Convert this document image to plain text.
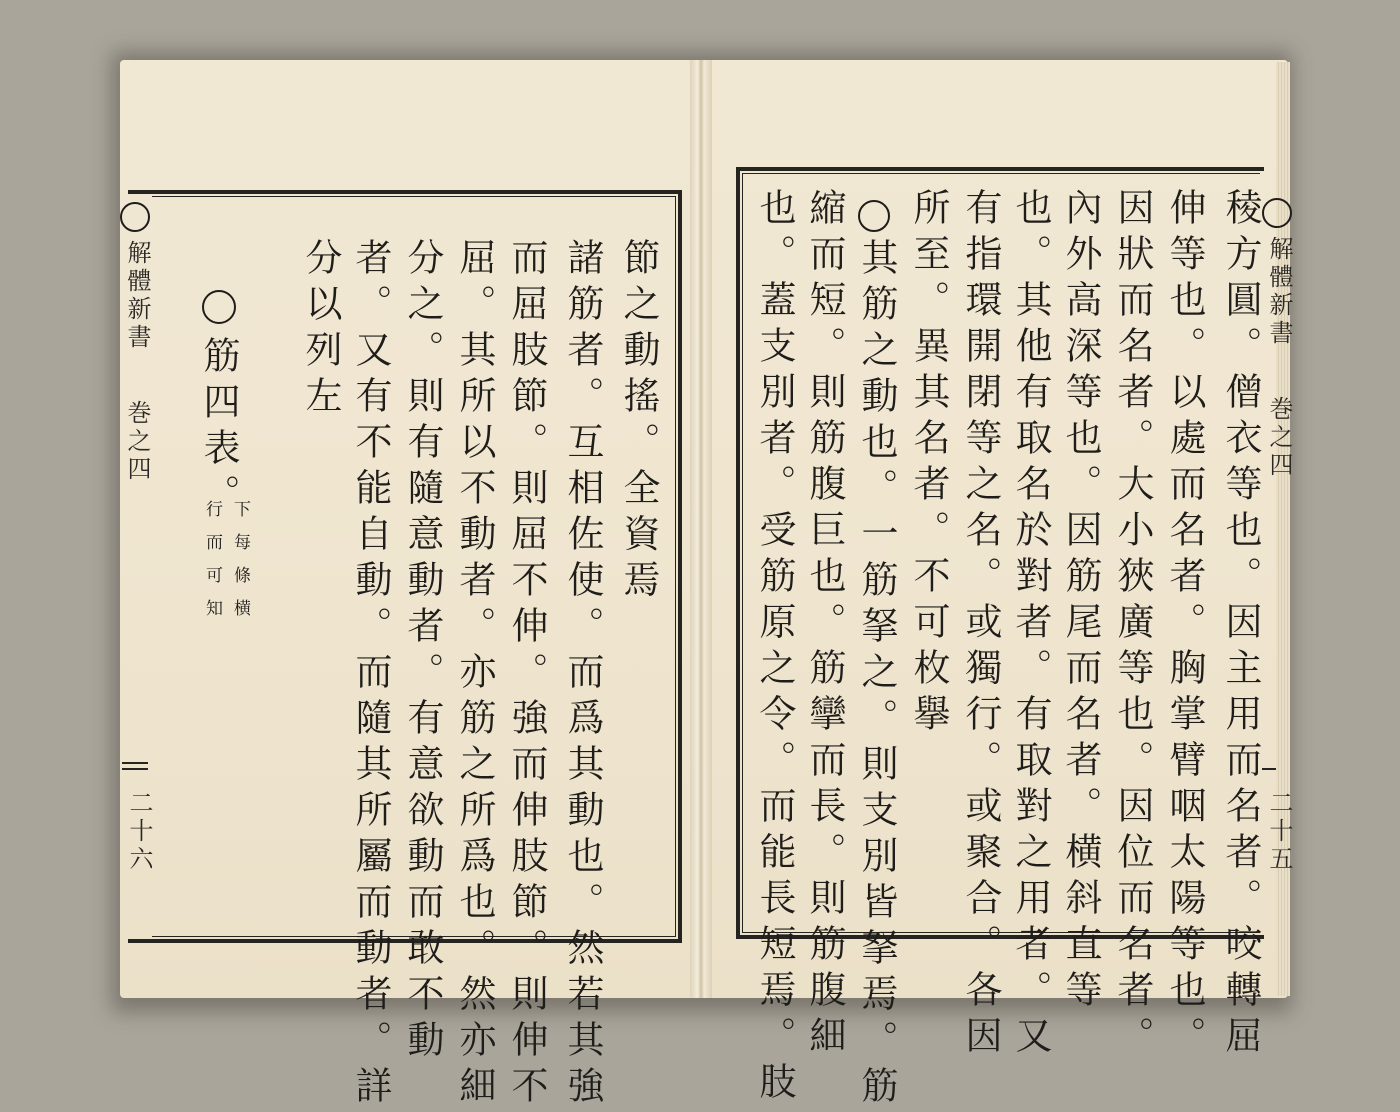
解體新書
巻之四
二十六
節之動搖。全資焉
諸筋者。互相佐使。而爲其動也。然若其強
而屈肢節。則屈不伸。強而伸肢節。則伸不
屈。其所以不動者。亦筋之所爲也。然亦細
分之。則有隨意動者。有意欲動而敢不動
者。又有不能自動。而隨其所屬而動者。詳
分以列左
筋四表。
下每條横
行而可知
解體新書
巻之四
二十五
稜方圓。僧衣等也。因主用而名者。咬轉屈
伸等也。以處而名者。胸掌臂咽太陽等也。
因狀而名者。大小狹廣等也。因位而名者。
內外高深等也。因筋尾而名者。横斜直等
也。其他有取名於對者。有取對之用者。又
有指環開閉等之名。或獨行。或聚合。各因
所至。異其名者。不可枚擧
其筋之動也。一筋拏之。則支別皆拏焉。筋
縮而短。則筋腹巨也。筋攣而長。則筋腹細
也。蓋支別者。受筋原之令。而能長短焉。肢
